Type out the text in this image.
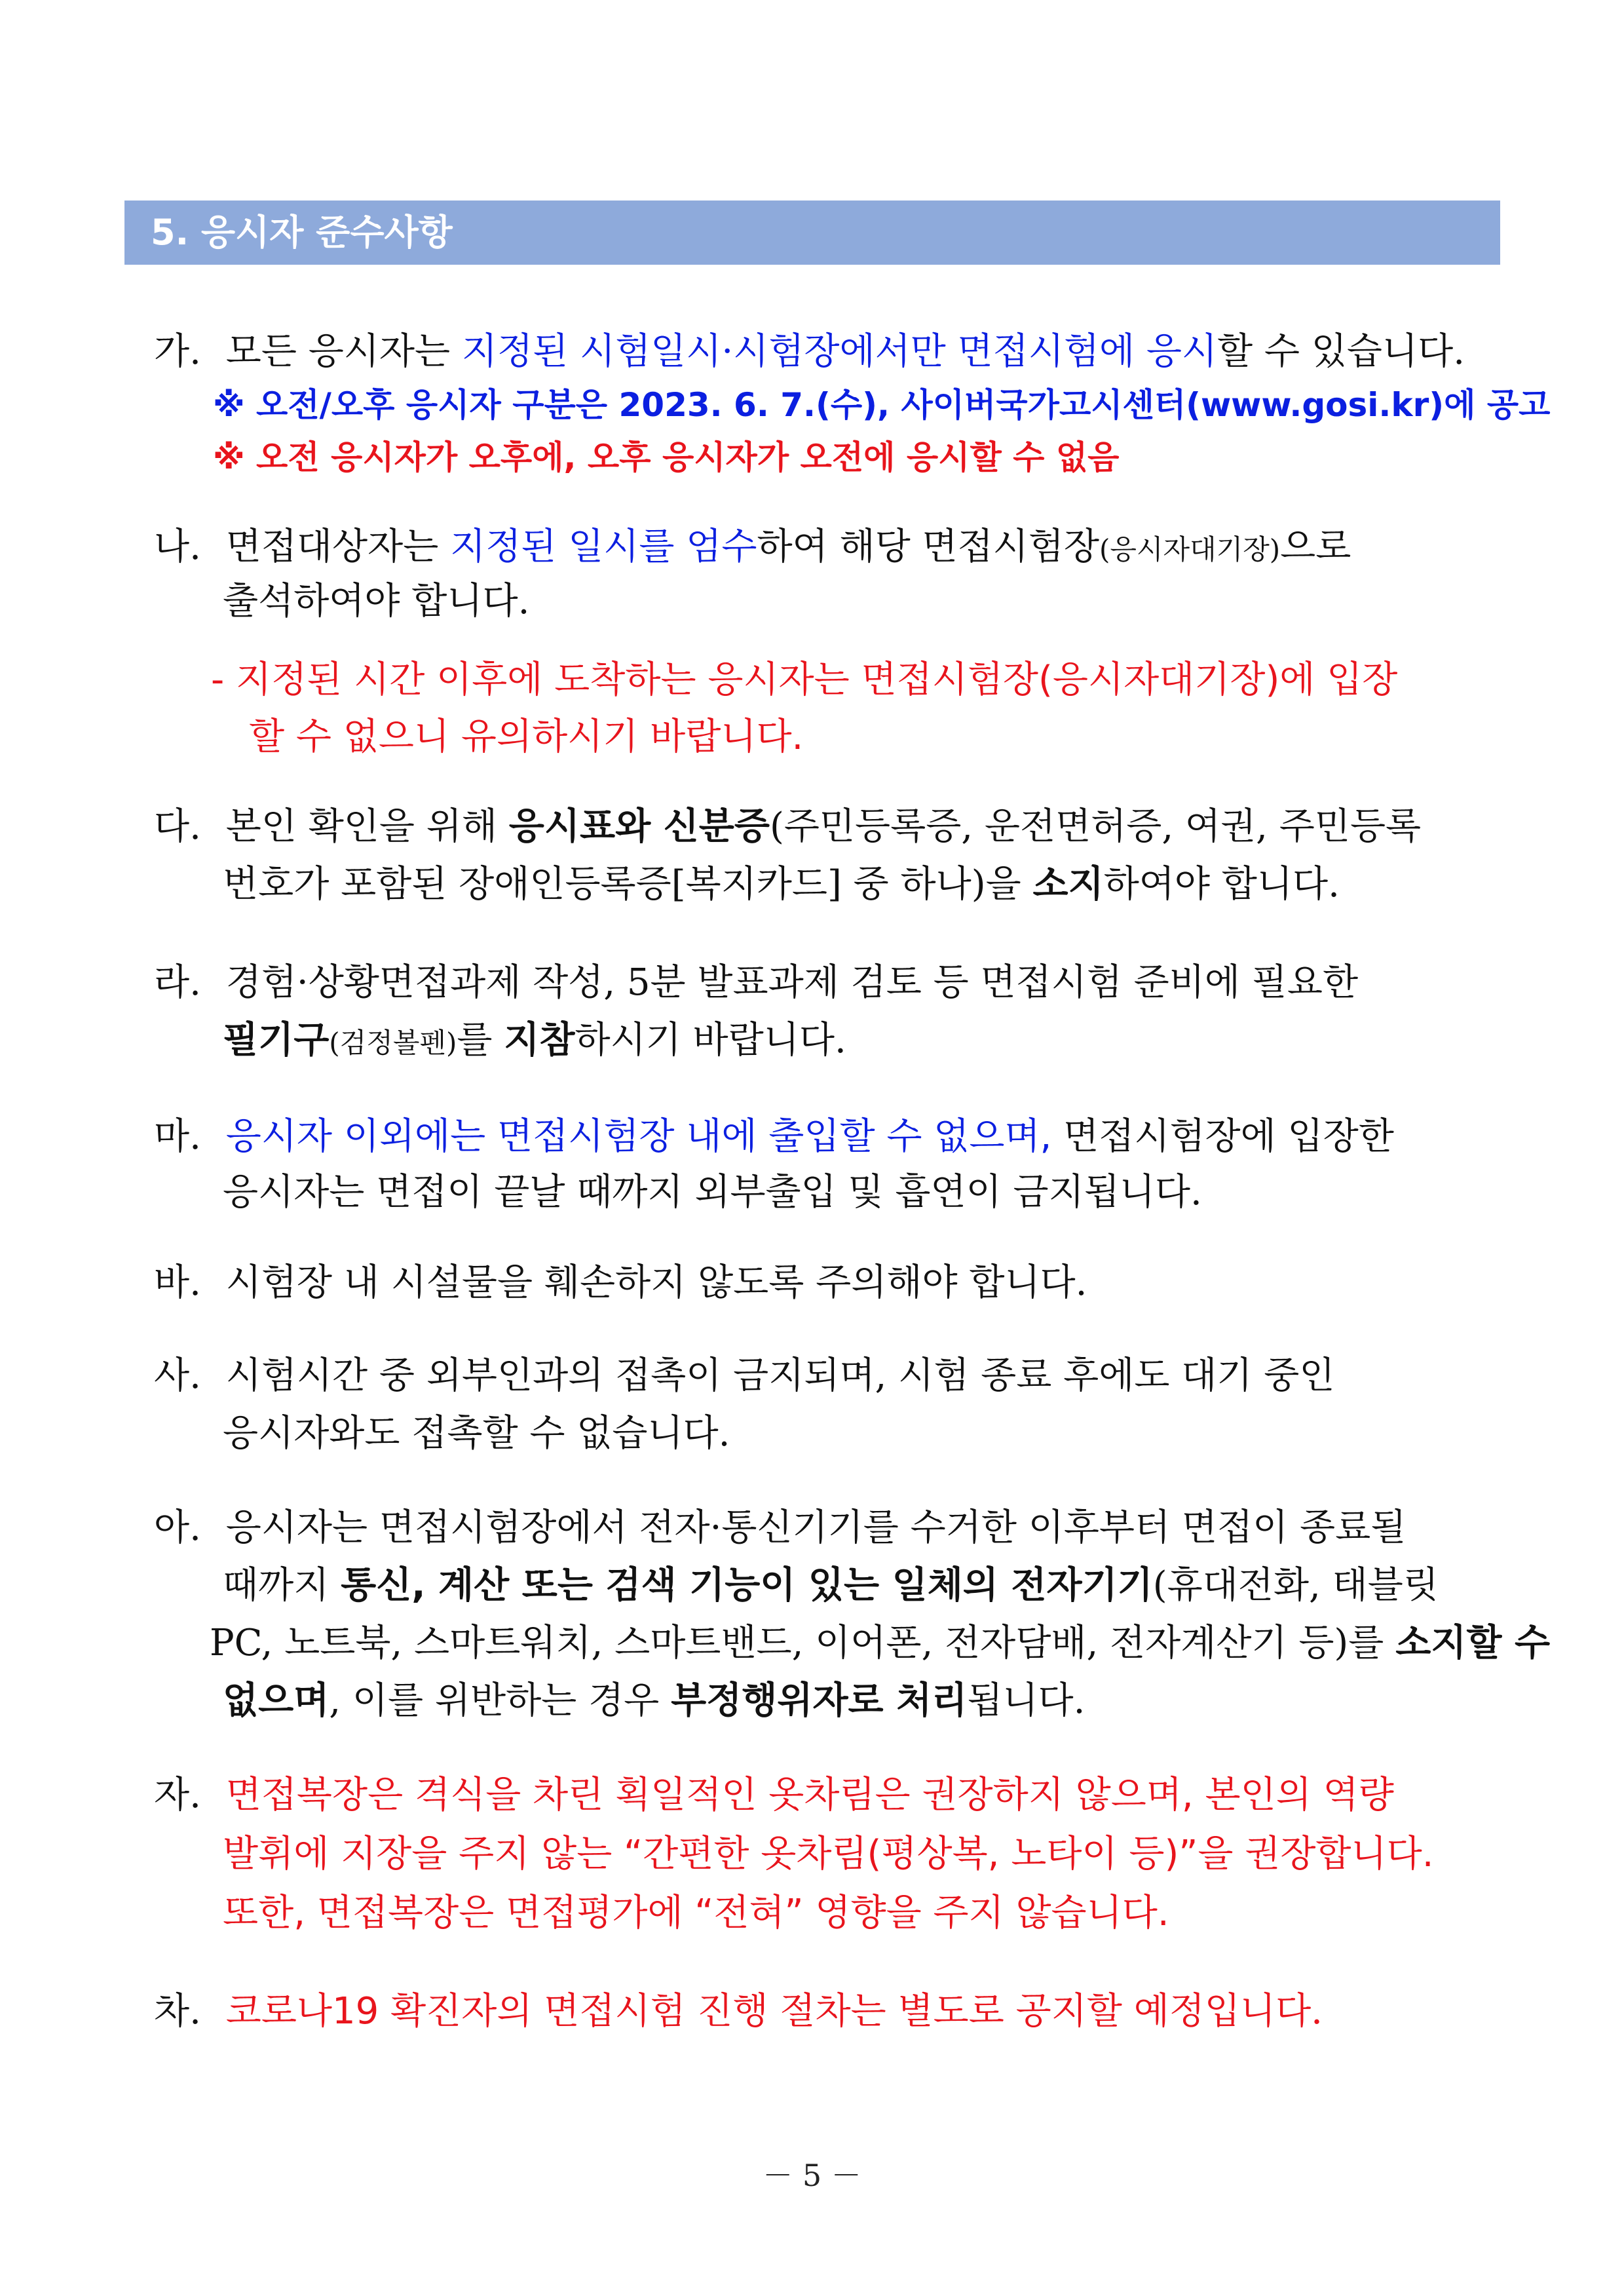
5. 응시자 준수사항
가. 모든 응시자는 지정된 시험일시·시험장에서만 면접시험에 응시할 수 있습니다.
※ 오전/오후 응시자 구분은 2023. 6. 7.(수), 사이버국가고시센터(www.gosi.kr)에 공고
※ 오전 응시자가 오후에, 오후 응시자가 오전에 응시할 수 없음
나. 면접대상자는 지정된 일시를 엄수하여 해당 면접시험장(응시자대기장)으로
출석하여야 합니다.
- 지정된 시간 이후에 도착하는 응시자는 면접시험장(응시자대기장)에 입장
할 수 없으니 유의하시기 바랍니다.
다. 본인 확인을 위해 응시표와 신분증(주민등록증, 운전면허증, 여권, 주민등록
번호가 포함된 장애인등록증[복지카드] 중 하나)을 소지하여야 합니다.
라. 경험·상황면접과제 작성, 5분 발표과제 검토 등 면접시험 준비에 필요한
필기구(검정볼펜)를 지참하시기 바랍니다.
마. 응시자 이외에는 면접시험장 내에 출입할 수 없으며, 면접시험장에 입장한
응시자는 면접이 끝날 때까지 외부출입 및 흡연이 금지됩니다.
바. 시험장 내 시설물을 훼손하지 않도록 주의해야 합니다.
사. 시험시간 중 외부인과의 접촉이 금지되며, 시험 종료 후에도 대기 중인
응시자와도 접촉할 수 없습니다.
아. 응시자는 면접시험장에서 전자·통신기기를 수거한 이후부터 면접이 종료될
때까지 통신, 계산 또는 검색 기능이 있는 일체의 전자기기(휴대전화, 태블릿
PC, 노트북, 스마트워치, 스마트밴드, 이어폰, 전자담배, 전자계산기 등)를 소지할 수
없으며, 이를 위반하는 경우 부정행위자로 처리됩니다.
자. 면접복장은 격식을 차린 획일적인 옷차림은 권장하지 않으며, 본인의 역량
발휘에 지장을 주지 않는 “간편한 옷차림(평상복, 노타이 등)”을 권장합니다.
또한, 면접복장은 면접평가에 “전혀” 영향을 주지 않습니다.
차. 코로나19 확진자의 면접시험 진행 절차는 별도로 공지할 예정입니다.
－ 5 －
